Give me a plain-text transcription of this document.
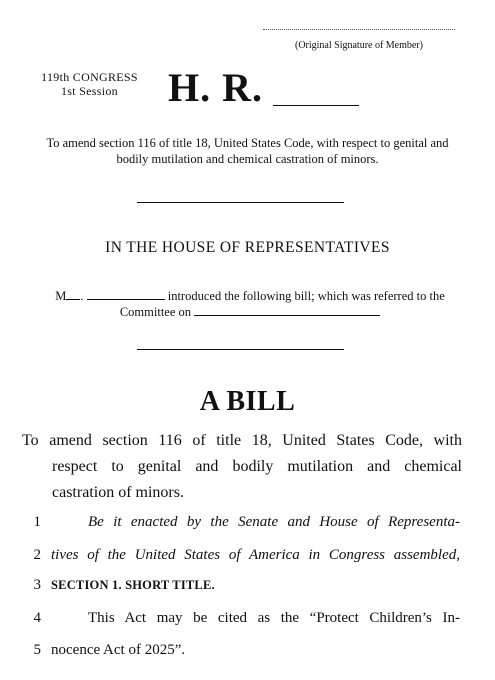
(Original Signature of Member)
119th CONGRESS
1st Session	H. R.
To amend section 116 of title 18, United States Code, with respect to genital and bodily mutilation and chemical castration of minors.
IN THE HOUSE OF REPRESENTATIVES
M .	introduced the following bill; which was referred to the
Committee on
A BILL
To amend section 116 of title 18, United States Code, with
respect to genital and bodily mutilation and chemical
castration of minors.
1	Be it enacted by the Senate and House of Representa-
2 tives of the United States of America in Congress assembled,
3 SECTION 1. SHORT TITLE.
4	This Act may be cited as the “Protect Children’s In-
5 nocence Act of 2025”.
